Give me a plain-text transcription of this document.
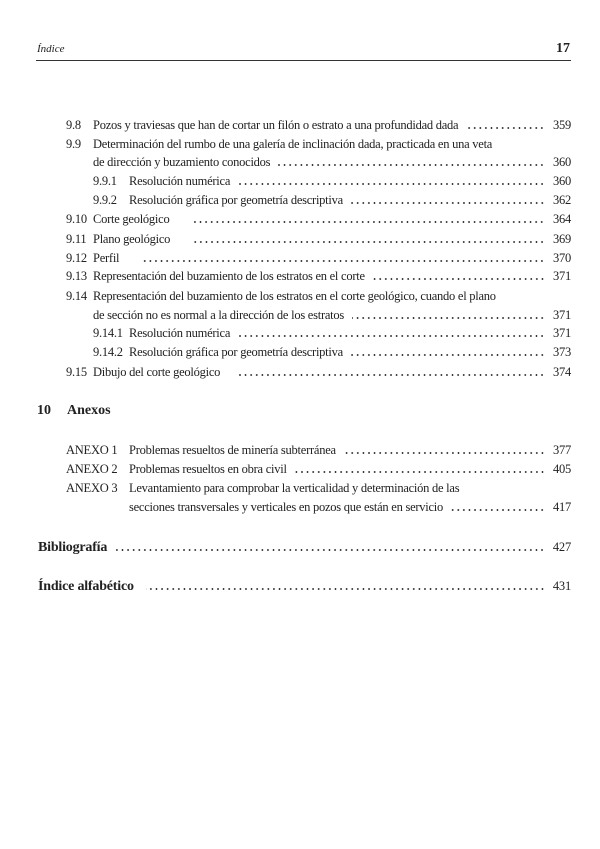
Índice	17
9.8 Pozos y traviesas que han de cortar un filón o estrato a una profundidad dada	359
9.9 Determinación del rumbo de una galería de inclinación dada, practicada en una veta
de dirección y buzamiento conocidos	360
9.9.1 Resolución numérica	360
9.9.2 Resolución gráfica por geometría descriptiva	362
9.10 Corte geológico	364
9.11 Plano geológico	369
9.12 Perfil	370
9.13 Representación del buzamiento de los estratos en el corte	371
9.14 Representación del buzamiento de los estratos en el corte geológico, cuando el plano
de sección no es normal a la dirección de los estratos	371
9.14.1 Resolución numérica	371
9.14.2 Resolución gráfica por geometría descriptiva	373
9.15 Dibujo del corte geológico	374
10 Anexos
ANEXO 1 Problemas resueltos de minería subterránea	377
ANEXO 2 Problemas resueltos en obra civil	405
ANEXO 3 Levantamiento para comprobar la verticalidad y determinación de las
secciones transversales y verticales en pozos que están en servicio	417
Bibliografía	427
Índice alfabético	431
